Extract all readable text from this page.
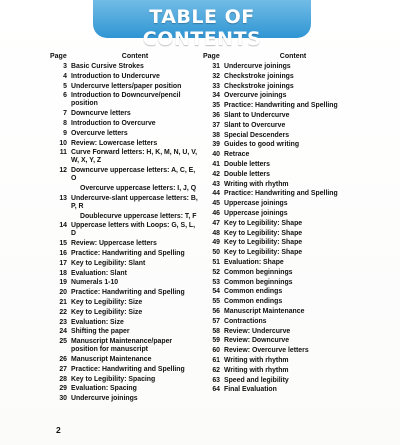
TABLE OF CONTENTS
Page	Content
3 Basic Cursive Strokes
4 Introduction to Undercurve
5 Undercurve letters/paper position
6 Introduction to Downcurve/pencil position
7 Downcurve letters
8 Introduction to Overcurve
9 Overcurve letters
10 Review: Lowercase letters
11 Curve Forward letters: H, K, M, N, U, V, W, X, Y, Z
12 Downcurve uppercase letters: A, C, E, O
Overcurve uppercase letters: I, J, Q
13 Undercurve-slant uppercase letters: B, P, R
Doublecurve uppercase letters: T, F
14 Uppercase letters with Loops: G, S, L, D
15 Review: Uppercase letters
16 Practice: Handwriting and Spelling
17 Key to Legibility: Slant
18 Evaluation: Slant
19 Numerals 1-10
20 Practice: Handwriting and Spelling
21 Key to Legibility: Size
22 Key to Legibility: Size
23 Evaluation: Size
24 Shifting the paper
25 Manuscript Maintenance/paper position for manuscript
26 Manuscript Maintenance
27 Practice: Handwriting and Spelling
28 Key to Legibility: Spacing
29 Evaluation: Spacing
30 Undercurve joinings
Page	Content
31 Undercurve joinings
32 Checkstroke joinings
33 Checkstroke joinings
34 Overcurve joinings
35 Practice: Handwriting and Spelling
36 Slant to Undercurve
37 Slant to Overcurve
38 Special Descenders
39 Guides to good writing
40 Retrace
41 Double letters
42 Double letters
43 Writing with rhythm
44 Practice: Handwriting and Spelling
45 Uppercase joinings
46 Uppercase joinings
47 Key to Legibility: Shape
48 Key to Legibility: Shape
49 Key to Legibility: Shape
50 Key to Legibility: Shape
51 Evaluation: Shape
52 Common beginnings
53 Common beginnings
54 Common endings
55 Common endings
56 Manuscript Maintenance
57 Contractions
58 Review: Undercurve
59 Review: Downcurve
60 Review: Overcurve letters
61 Writing with rhythm
62 Writing with rhythm
63 Speed and legibility
64 Final Evaluation
2
